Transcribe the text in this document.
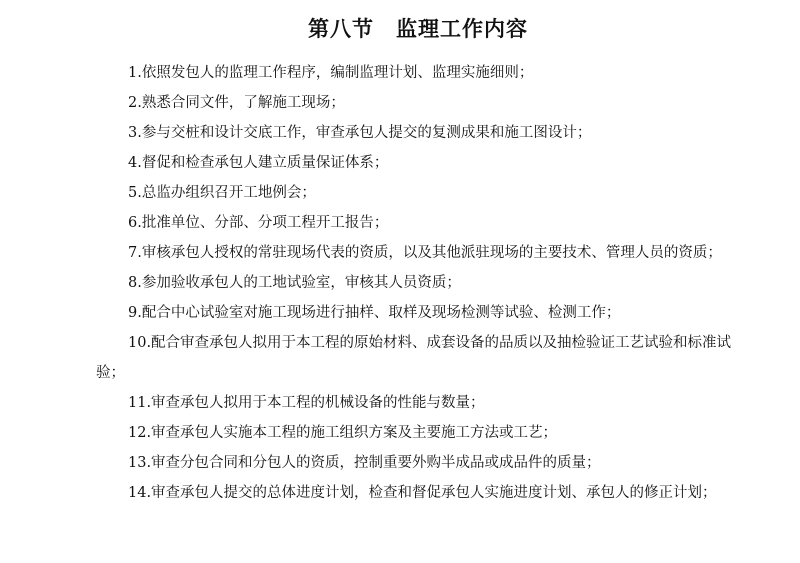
第八节　监理工作内容

1.依照发包人的监理工作程序，编制监理计划、监理实施细则；

2.熟悉合同文件，了解施工现场；

3.参与交桩和设计交底工作，审查承包人提交的复测成果和施工图设计；

4.督促和检查承包人建立质量保证体系；

5.总监办组织召开工地例会；

6.批准单位、分部、分项工程开工报告；

7.审核承包人授权的常驻现场代表的资质，以及其他派驻现场的主要技术、管理人员的资质；

8.参加验收承包人的工地试验室，审核其人员资质；

9.配合中心试验室对施工现场进行抽样、取样及现场检测等试验、检测工作；

10.配合审查承包人拟用于本工程的原始材料、成套设备的品质以及抽检验证工艺试验和标准试验；

11.审查承包人拟用于本工程的机械设备的性能与数量；

12.审查承包人实施本工程的施工组织方案及主要施工方法或工艺；

13.审查分包合同和分包人的资质，控制重要外购半成品或成品件的质量；

14.审查承包人提交的总体进度计划，检查和督促承包人实施进度计划、承包人的修正计划；
